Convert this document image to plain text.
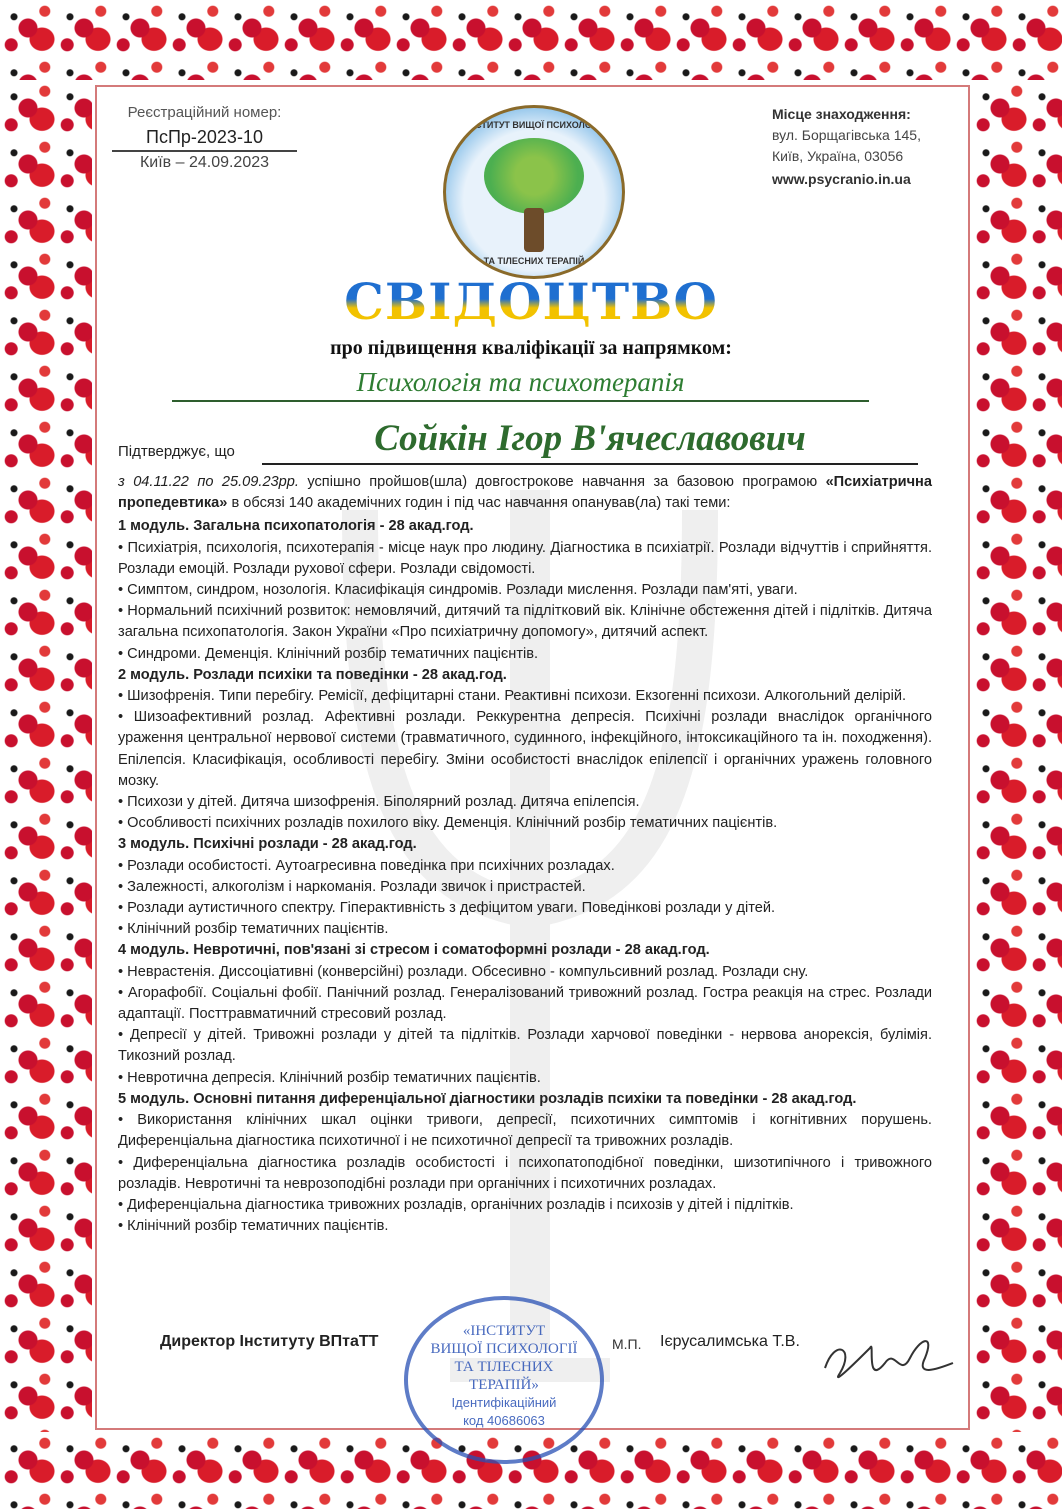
Реєстраційний номер:
ПсПр-2023-10
Київ – 24.09.2023
ІНСТИТУТ ВИЩОЇ ПСИХОЛОГІЇ
ТА ТІЛЕСНИХ ТЕРАПІЙ
Місце знаходження:
вул. Борщагівська 145,
Київ, Україна, 03056
www.psycranio.in.ua
СВІДОЦТВО
про підвищення кваліфікації за напрямком:
Психологія та психотерапія
Підтверджує, що	Сойкін Ігор В'ячеславович

з 04.11.22 по 25.09.23рр. успішно пройшов(шла) довгострокове навчання за базовою програмою «Психіатрична пропедевтика» в обсязі 140 академічних годин і під час навчання опанував(ла) такі теми:

1 модуль. Загальна психопатологія - 28 акад.год.

• Психіатрія, психологія, психотерапія - місце наук про людину. Діагностика в психіатрії. Розлади відчуттів і сприйняття. Розлади емоцій. Розлади рухової сфери. Розлади свідомості.

• Симптом, синдром, нозологія. Класифікація синдромів. Розлади мислення. Розлади пам'яті, уваги.

• Нормальний психічний розвиток: немовлячий, дитячий та підлітковий вік. Клінічне обстеження дітей і підлітків. Дитяча загальна психопатологія. Закон України «Про психіатричну допомогу», дитячий аспект.

• Синдроми. Деменція. Клінічний розбір тематичних пацієнтів.

2 модуль. Розлади психіки та поведінки - 28 акад.год.

• Шизофренія. Типи перебігу. Ремісії, дефіцитарні стани. Реактивні психози. Екзогенні психози. Алкогольний делірій.

• Шизоафективний розлад. Афективні розлади. Реккурентна депресія. Психічні розлади внаслідок органічного ураження центральної нервової системи (травматичного, судинного, інфекційного, інтоксикаційного та ін. походження). Епілепсія. Класифікація, особливості перебігу. Зміни особистості внаслідок епілепсії і органічних уражень головного мозку.

• Психози у дітей. Дитяча шизофренія. Біполярний розлад. Дитяча епілепсія.

• Особливості психічних розладів похилого віку. Деменція. Клінічний розбір тематичних пацієнтів.

3 модуль. Психічні розлади - 28 акад.год.

• Розлади особистості. Аутоагресивна поведінка при психічних розладах.

• Залежності, алкоголізм і наркоманія. Розлади звичок і пристрастей.

• Розлади аутистичного спектру. Гіперактивність з дефіцитом уваги. Поведінкові розлади у дітей.

• Клінічний розбір тематичних пацієнтів.

4 модуль. Невротичні, пов'язані зі стресом і соматоформні розлади - 28 акад.год.

• Неврастенія. Диссоціативні (конверсійні) розлади. Обсесивно - компульсивний розлад. Розлади сну.

• Агорафобії. Соціальні фобії. Панічний розлад. Генералізований тривожний розлад. Гостра реакція на стрес. Розлади адаптації. Посттравматичний стресовий розлад.

• Депресії у дітей. Тривожні розлади у дітей та підлітків. Розлади харчової поведінки - нервова анорексія, булімія. Тикозний розлад.

• Невротична депресія. Клінічний розбір тематичних пацієнтів.

5 модуль. Основні питання диференціальної діагностики розладів психіки та поведінки - 28 акад.год.

• Використання клінічних шкал оцінки тривоги, депресії, психотичних симптомів і когнітивних порушень. Диференціальна діагностика психотичної і не психотичної депресії та тривожних розладів.

• Диференціальна діагностика розладів особистості і психопатоподібної поведінки, шизотипічного і тривожного розладів. Невротичні та неврозоподібні розлади при органічних і психотичних розладах.

• Диференціальна діагностика тривожних розладів, органічних розладів і психозів у дітей і підлітків.

• Клінічний розбір тематичних пацієнтів.

«ІНСТИТУТ
ВИЩОЇ ПСИХОЛОГІЇ
ТА ТІЛЕСНИХ
ТЕРАПІЙ»
Ідентифікаційний
код 40686063
Директор Інституту ВПтаТТ	М.П. Ієрусалимська Т.В.
